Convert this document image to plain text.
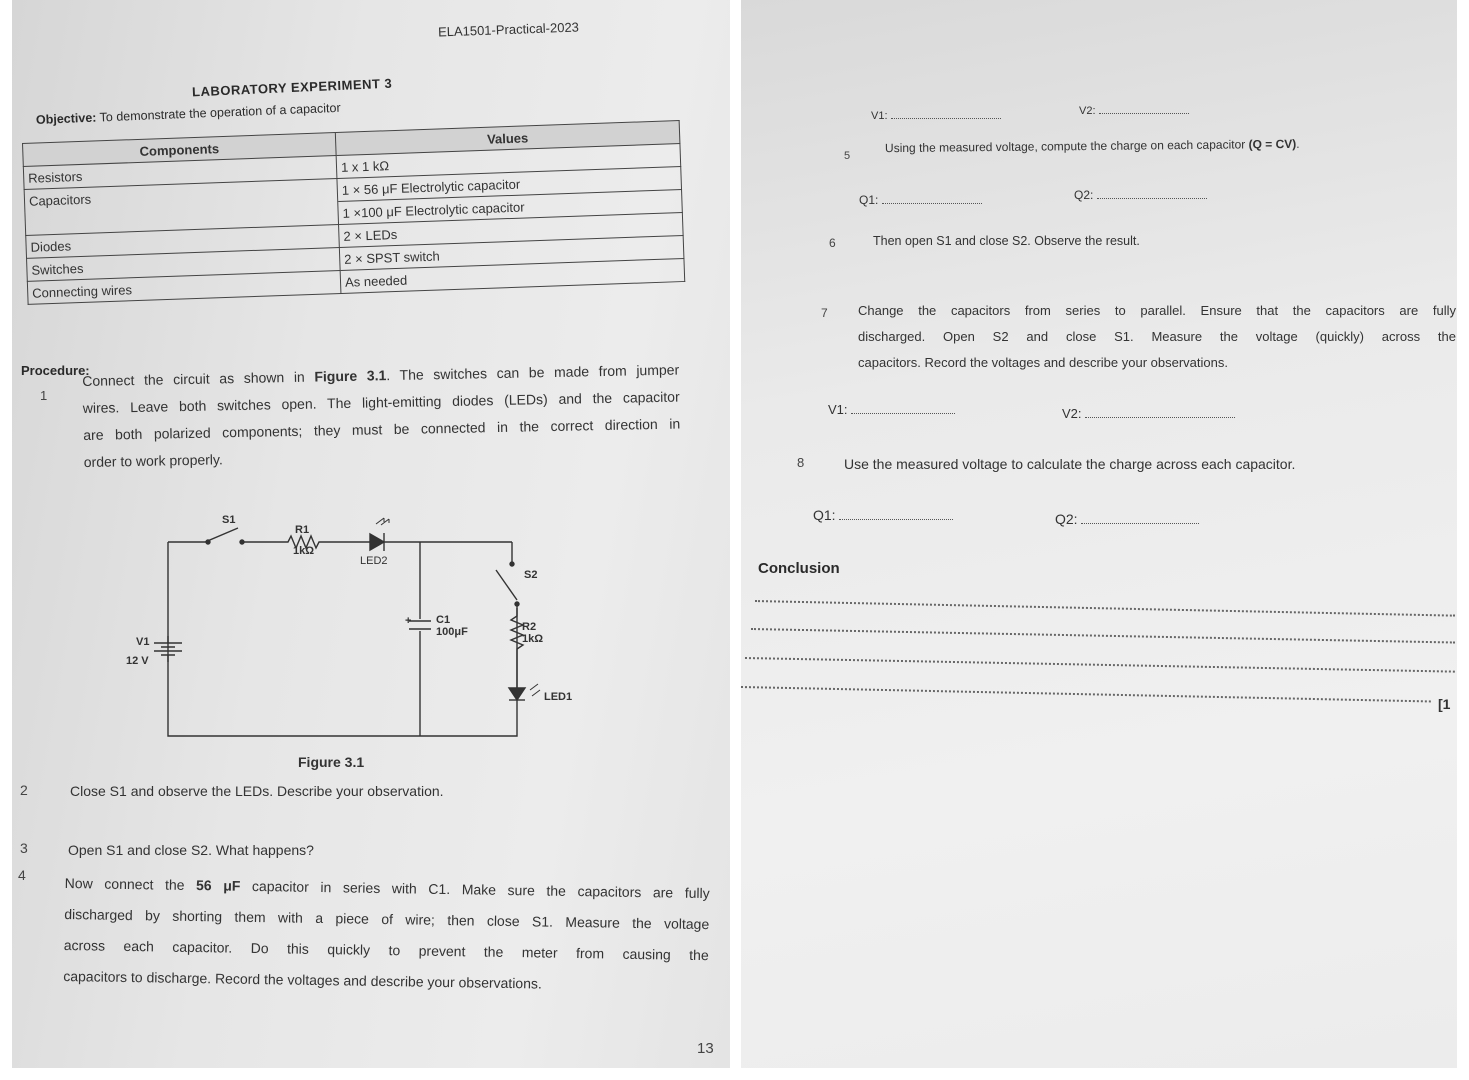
ELA1501-Practical-2023
LABORATORY EXPERIMENT 3
Objective: To demonstrate the operation of a capacitor
Components	Values
Resistors	1 x 1 kΩ
Capacitors	1 × 56 μF Electrolytic capacitor
	1 ×100 μF Electrolytic capacitor
Diodes	2 × LEDs
Switches	2 × SPST switch
Connecting wires	As needed
Procedure:
1
Connect the circuit as shown in Figure 3.1. The switches can be made from jumper
wires. Leave both switches open. The light-emitting diodes (LEDs) and the capacitor
are both polarized components; they must be connected in the correct direction in
order to work properly.
S1
R1
1kΩ
LED2
S2
C1
100μF
+	R2
1kΩ
V1
12 V
LED1
Figure 3.1
2	Close S1 and observe the LEDs. Describe your observation.
3	Open S1 and close S2. What happens?
4	Now connect the 56 μF capacitor in series with C1. Make sure the capacitors are fully
discharged by shorting them with a piece of wire; then close S1. Measure the voltage
across each capacitor. Do this quickly to prevent the meter from causing the
capacitors to discharge. Record the voltages and describe your observations.
13
V1:	V2:
5
Using the measured voltage, compute the charge on each capacitor (Q = CV).
Q1:	Q2:
6	Then open S1 and close S2. Observe the result.
7 Change the capacitors from series to parallel. Ensure that the capacitors are fully
discharged. Open S2 and close S1. Measure the voltage (quickly) across the
capacitors. Record the voltages and describe your observations.
V1:	V2:
8	Use the measured voltage to calculate the charge across each capacitor.
Q1:	Q2:
Conclusion
[1
